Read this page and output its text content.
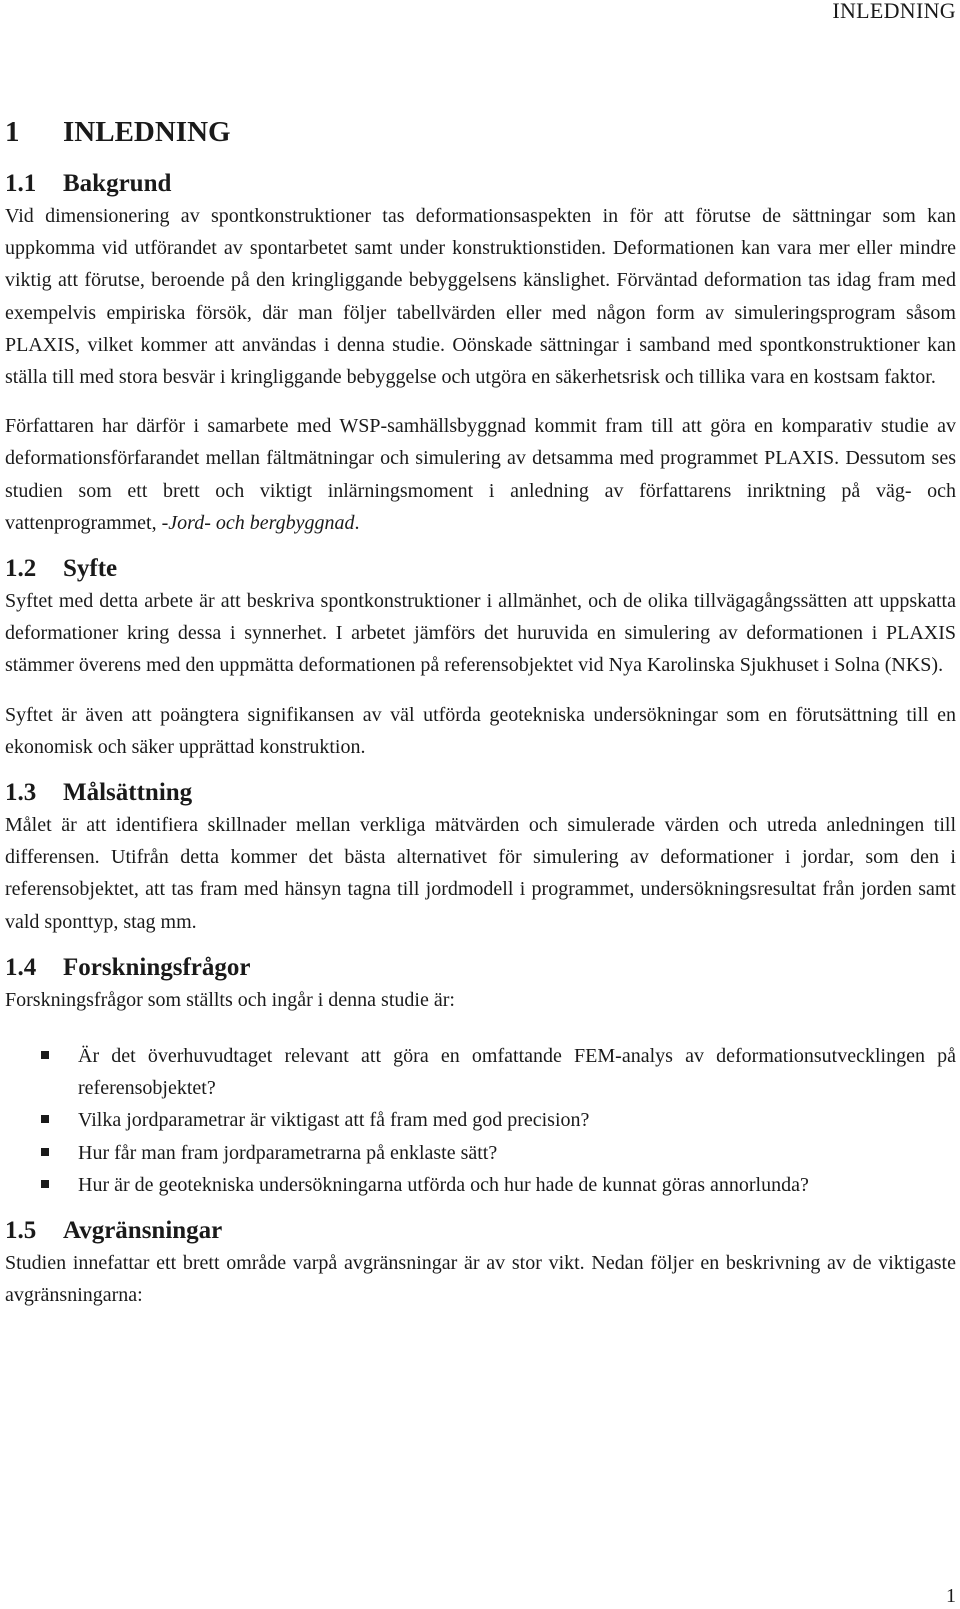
INLEDNING
1 INLEDNING
1.1 Bakgrund

Vid dimensionering av spontkonstruktioner tas deformationsaspekten in för att förutse de sättningar som kan uppkomma vid utförandet av spontarbetet samt under konstruktionstiden. Deformationen kan vara mer eller mindre viktig att förutse, beroende på den kringliggande bebyggelsens känslighet. Förväntad deformation tas idag fram med exempelvis empiriska försök, där man följer tabellvärden eller med någon form av simuleringsprogram såsom PLAXIS, vilket kommer att användas i denna studie. Oönskade sättningar i samband med spontkonstruktioner kan ställa till med stora besvär i kringliggande bebyggelse och utgöra en säkerhetsrisk och tillika vara en kostsam faktor.

Författaren har därför i samarbete med WSP-samhällsbyggnad kommit fram till att göra en komparativ studie av deformationsförfarandet mellan fältmätningar och simulering av detsamma med programmet PLAXIS. Dessutom ses studien som ett brett och viktigt inlärningsmoment i anledning av författarens inriktning på väg- och vattenprogrammet, -Jord- och bergbyggnad.

1.2 Syfte

Syftet med detta arbete är att beskriva spontkonstruktioner i allmänhet, och de olika tillvägagångssätten att uppskatta deformationer kring dessa i synnerhet. I arbetet jämförs det huruvida en simulering av deformationen i PLAXIS stämmer överens med den uppmätta deformationen på referensobjektet vid Nya Karolinska Sjukhuset i Solna (NKS).

Syftet är även att poängtera signifikansen av väl utförda geotekniska undersökningar som en förutsättning till en ekonomisk och säker upprättad konstruktion.

1.3 Målsättning

Målet är att identifiera skillnader mellan verkliga mätvärden och simulerade värden och utreda anledningen till differensen. Utifrån detta kommer det bästa alternativet för simulering av deformationer i jordar, som den i referensobjektet, att tas fram med hänsyn tagna till jordmodell i programmet, undersökningsresultat från jorden samt vald sponttyp, stag mm.

1.4 Forskningsfrågor

Forskningsfrågor som ställts och ingår i denna studie är:

Är det överhuvudtaget relevant att göra en omfattande FEM-analys av deformationsutvecklingen på referensobjektet?
Vilka jordparametrar är viktigast att få fram med god precision?
Hur får man fram jordparametrarna på enklaste sätt?
Hur är de geotekniska undersökningarna utförda och hur hade de kunnat göras annorlunda?
1.5 Avgränsningar

Studien innefattar ett brett område varpå avgränsningar är av stor vikt. Nedan följer en beskrivning av de viktigaste avgränsningarna:

1
